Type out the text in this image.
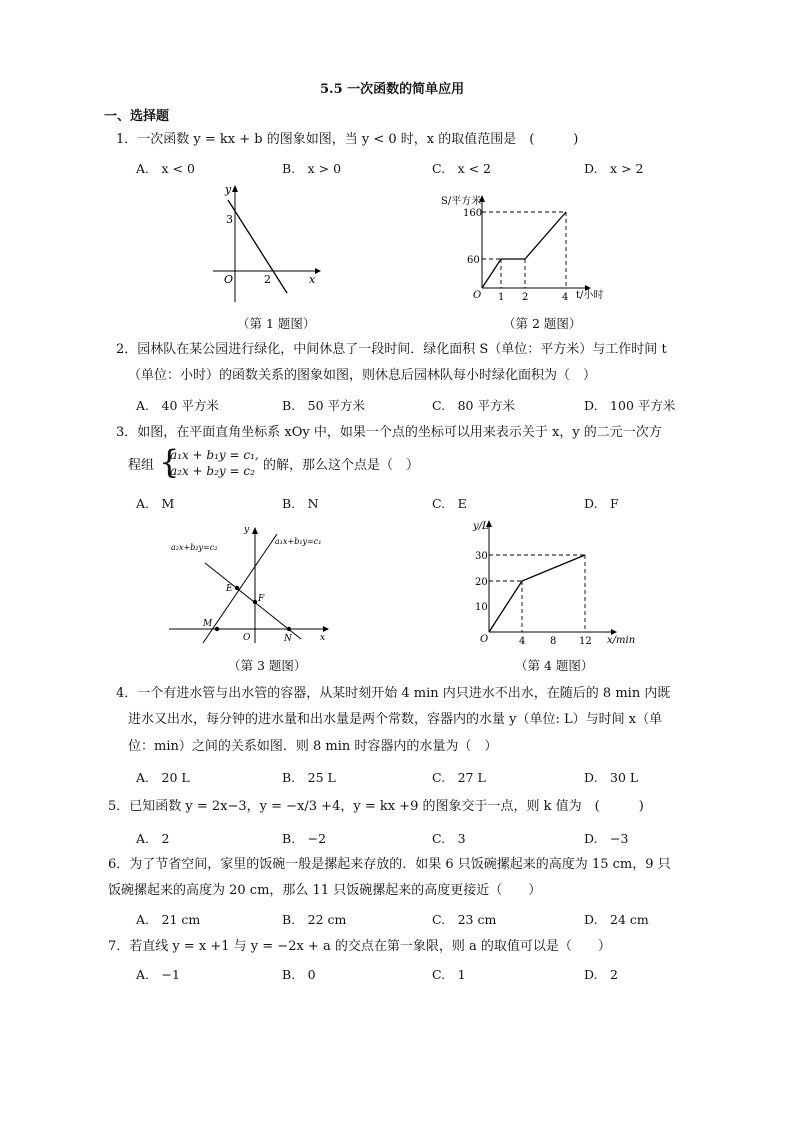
5.5 一次函数的简单应用
一、选择题
1．一次函数 y = kx + b 的图象如图，当 y < 0 时，x 的取值范围是　(　　　)
A.　x < 0	B.　x > 0	C.　x < 2	D.　x > 2
y
x
O
3
2
（第 1 题图）
S/平方米
t/小时
O
160
60
1 2	4
（第 2 题图）
2．园林队在某公园进行绿化，中间休息了一段时间．绿化面积 S（单位：平方米）与工作时间 t
（单位：小时）的函数关系的图象如图，则休息后园林队每小时绿化面积为（　）
A.　40 平方米	B.　50 平方米	C.　80 平方米	D.　100 平方米
3．如图，在平面直角坐标系 xOy 中，如果一个点的坐标可以用来表示关于 x，y 的二元一次方
程组 {
a₁x + b₁y = c₁,
a₂x + b₂y = c₂ 的解，那么这个点是（　）
A.　M	B.　N	C.　E	D.　F
a₂x+b₂y=c₂
a₁x+b₁y=c₁
y
x
O
E
F
M
N
（第 3 题图）
y/L
x/min
O
30
20
10
4 8 12
（第 4 题图）
4．一个有进水管与出水管的容器，从某时刻开始 4 min 内只进水不出水，在随后的 8 min 内既
进水又出水，每分钟的进水量和出水量是两个常数，容器内的水量 y（单位: L）与时间 x（单
位：min）之间的关系如图．则 8 min 时容器内的水量为（　）
A.　20 L	B.　25 L	C.　27 L	D.　30 L
5．已知函数 y = 2x−3，y = −x/3 +4，y = kx +9 的图象交于一点，则 k 值为　(　　　)
A.　2	B.　−2	C.　3	D.　−3
6．为了节省空间，家里的饭碗一般是摞起来存放的．如果 6 只饭碗摞起来的高度为 15 cm，9 只
饭碗摞起来的高度为 20 cm，那么 11 只饭碗摞起来的高度更接近（　　）
A.　21 cm	B.　22 cm	C.　23 cm	D.　24 cm
7．若直线 y = x +1 与 y = −2x + a 的交点在第一象限，则 a 的取值可以是（　　）
A.　−1	B.　0	C.　1	D.　2
